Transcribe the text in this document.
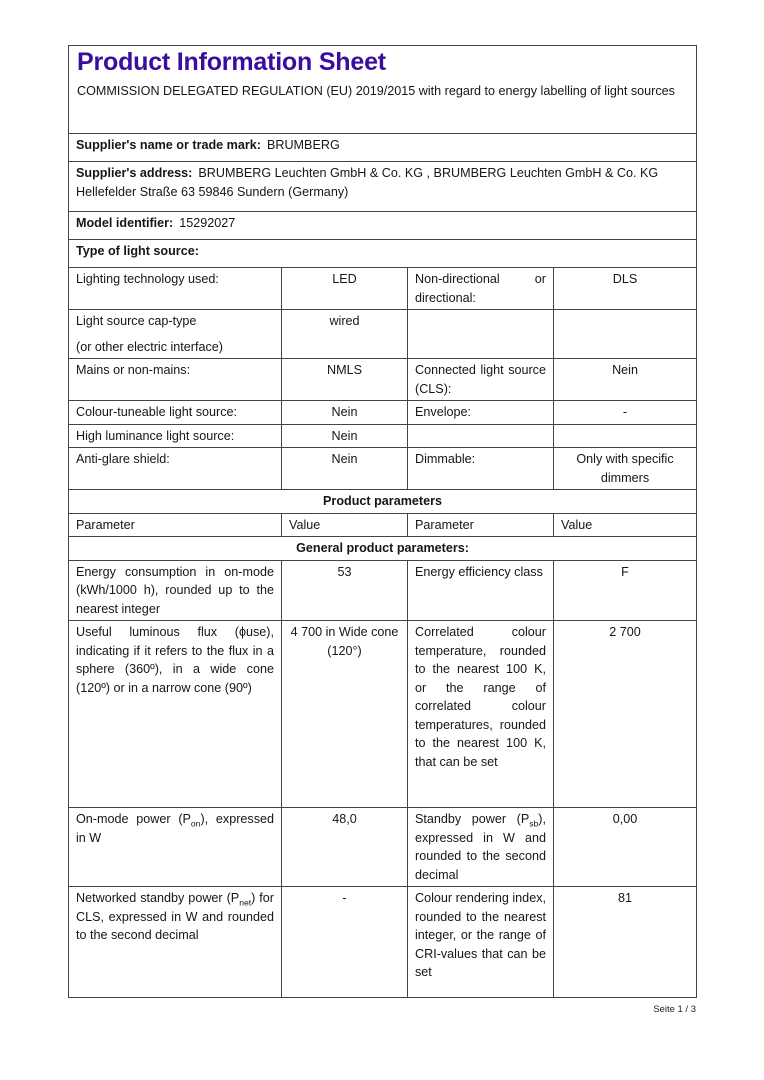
Product Information Sheet
COMMISSION DELEGATED REGULATION (EU) 2019/2015 with regard to energy labelling of light sources			

Supplier's name or trade mark: BRUMBERG			
Supplier's address: BRUMBERG Leuchten GmbH & Co. KG , BRUMBERG Leuchten GmbH & Co. KG Hellefelder Straße 63 59846 Sundern (Germany)			
Model identifier: 15292027			
Type of light source:			
Lighting technology used:	LED	Non-directional or directional:	DLS
Light source cap-type
(or other electric interface)	wired		
Mains or non-mains:	NMLS	Connected light source (CLS):	Nein
Colour-tuneable light source:	Nein	Envelope:	-
High luminance light source:	Nein		
Anti-glare shield:	Nein	Dimmable:	Only with specific dimmers
Product parameters			
Parameter	Value	Parameter	Value
General product parameters:			
Energy consumption in on-mode (kWh/1000 h), rounded up to the nearest integer	53	Energy efficiency class	F
Useful luminous flux (ϕuse), indicating if it refers to the flux in a sphere (360º), in a wide cone (120º) or in a narrow cone (90º)	4 700 in Wide cone (120°)	Correlated colour temperature, rounded to the nearest 100 K, or the range of correlated colour temperatures, rounded to the nearest 100 K, that can be set	2 700
On-mode power $(P_{on})$, expressed in W	48,0	Standby power $(P_{sb})$, expressed in W and rounded to the second decimal	0,00
Networked standby power $(P_{net})$ for CLS, expressed in W and rounded to the second decimal	-	Colour rendering index, rounded to the nearest integer, or the range of CRI-values that can be set	81
Seite 1 / 3
